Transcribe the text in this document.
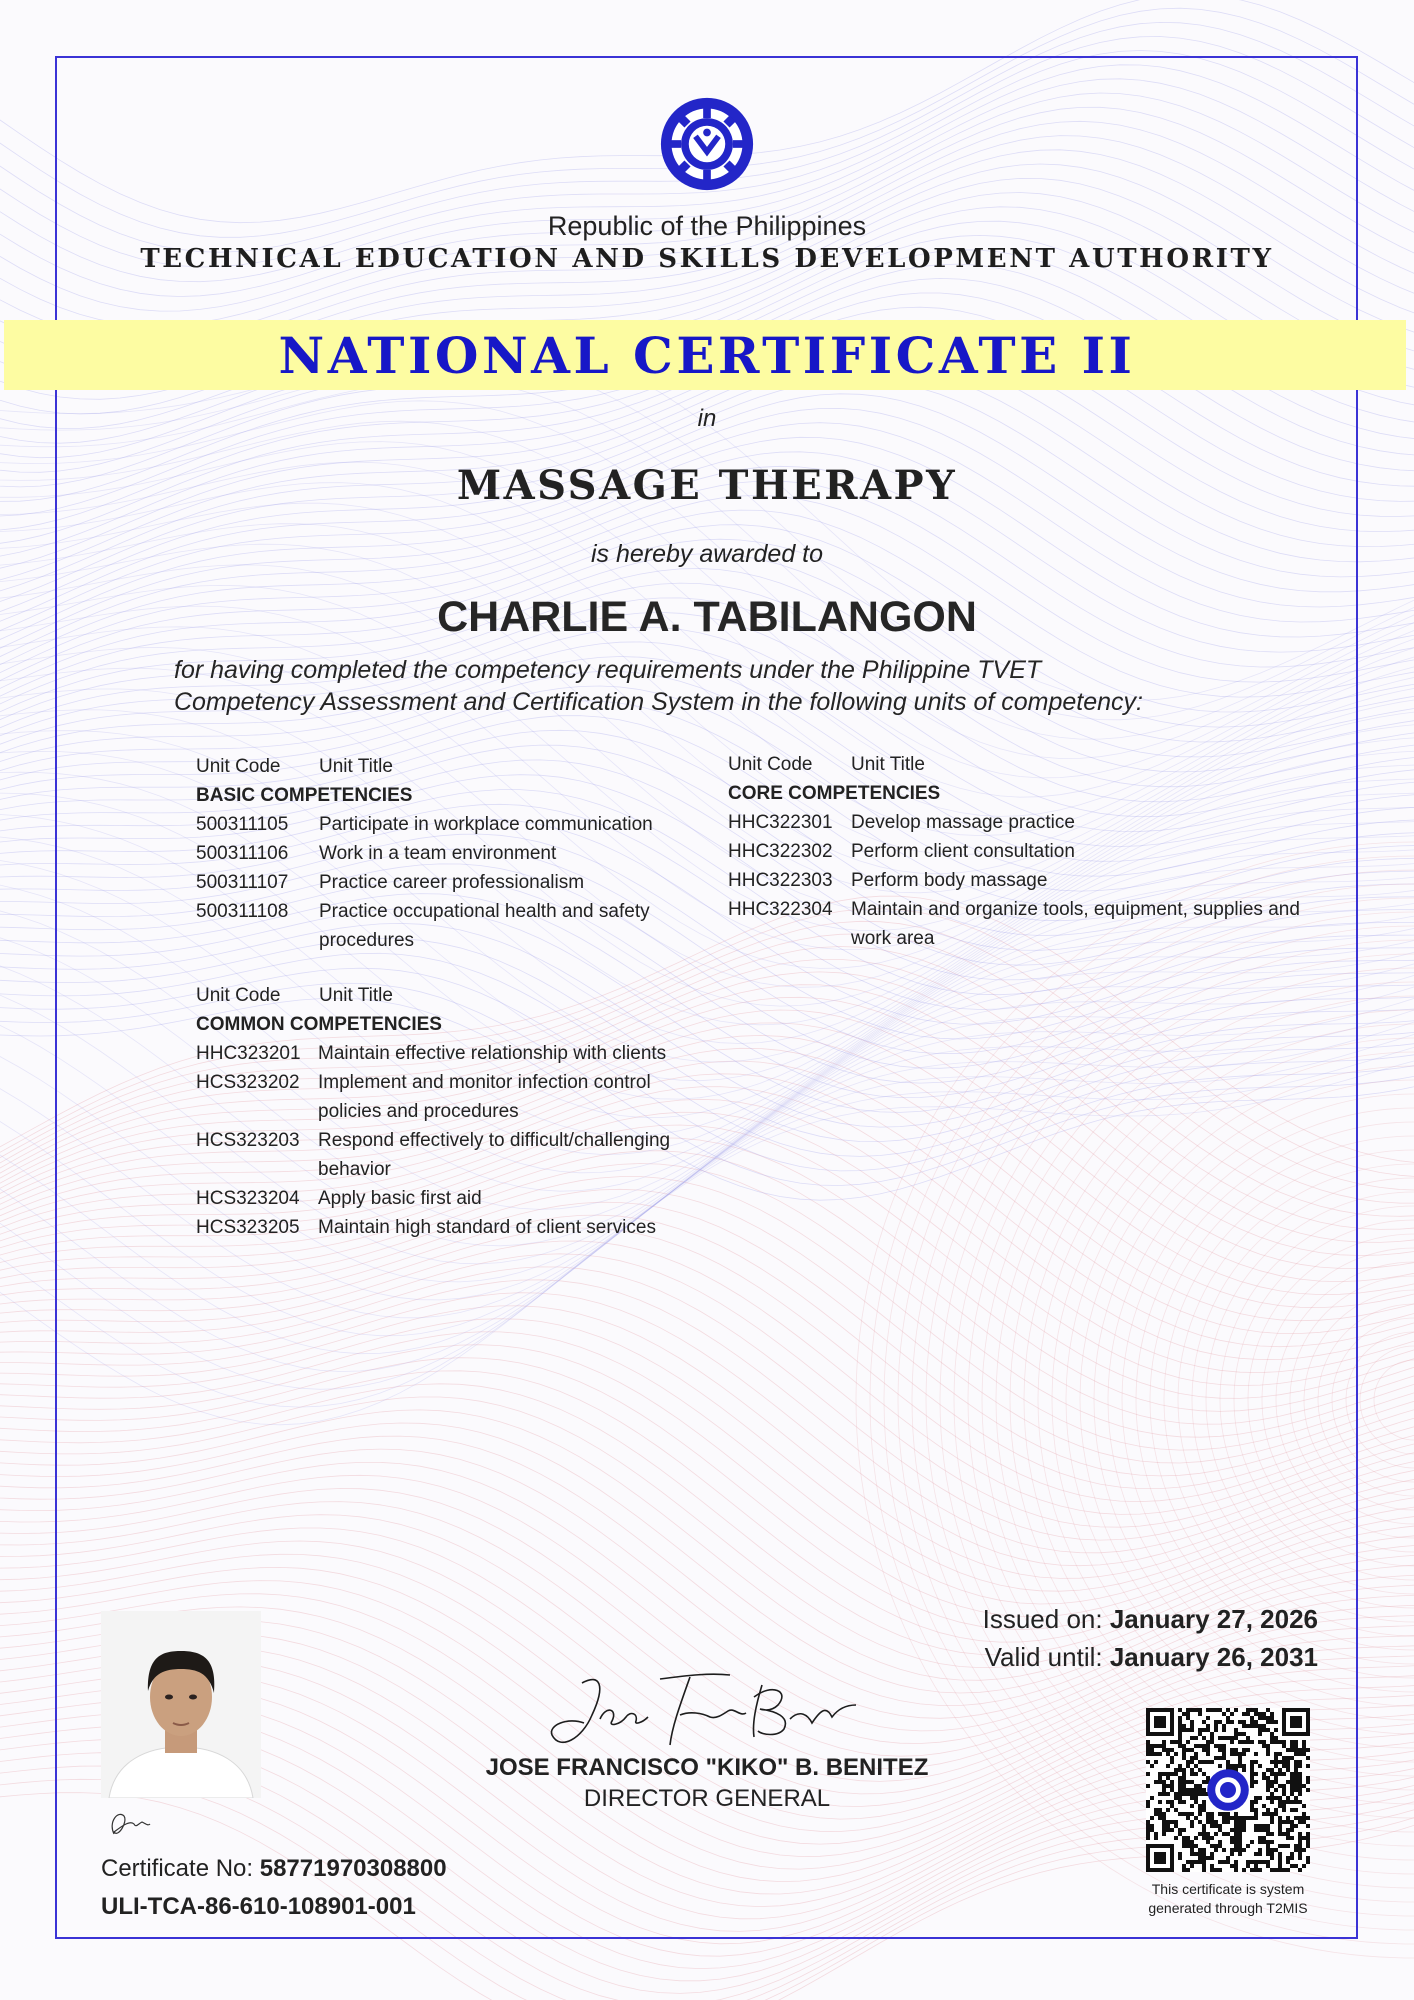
Republic of the Philippines
TECHNICAL EDUCATION AND SKILLS DEVELOPMENT AUTHORITY
NATIONAL CERTIFICATE II
in
MASSAGE THERAPY
is hereby awarded to
CHARLIE A. TABILANGON
for having completed the competency requirements under the Philippine TVET
Competency Assessment and Certification System in the following units of competency:
Unit Code	Unit Title
BASIC COMPETENCIES
500311105	Participate in workplace communication
500311106	Work in a team environment
500311107	Practice career professionalism
500311108	Practice occupational health and safety procedures
Unit Code	Unit Title
COMMON COMPETENCIES
HHC323201 Maintain effective relationship with clients
HCS323202 Implement and monitor infection control policies and procedures
HCS323203 Respond effectively to difficult/challenging behavior
HCS323204 Apply basic first aid
HCS323205 Maintain high standard of client services
Unit Code	Unit Title
CORE COMPETENCIES
HHC322301 Develop massage practice
HHC322302 Perform client consultation
HHC322303 Perform body massage
HHC322304 Maintain and organize tools, equipment, supplies and work area
Issued on: January 27, 2026
Valid until: January 26, 2031
Certificate No: 58771970308800
ULI-TCA-86-610-108901-001
JOSE FRANCISCO "KIKO" B. BENITEZ
DIRECTOR GENERAL
This certificate is system
generated through T2MIS
